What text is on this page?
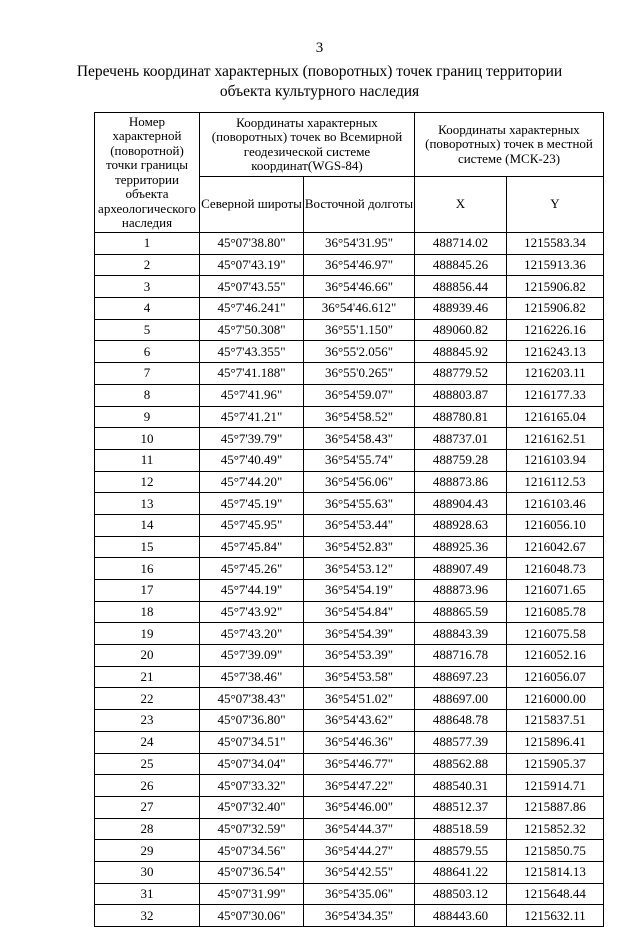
3
Перечень координат характерных (поворотных) точек границ территории объекта культурного наследия
Номер характерной (поворотной) точки границы территории объекта археологического наследия	Координаты характерных (поворотных) точек во Всемирной геодезической системе координат(WGS-84)		Координаты характерных (поворотных) точек в местной системе (МСК-23)	
	Северной широты	Восточной долготы	X	Y
1	45°07'38.80"	36°54'31.95"	488714.02	1215583.34
2	45°07'43.19"	36°54'46.97"	488845.26	1215913.36
3	45°07'43.55"	36°54'46.66"	488856.44	1215906.82
4	45°7'46.241"	36°54'46.612"	488939.46	1215906.82
5	45°7'50.308"	36°55'1.150"	489060.82	1216226.16
6	45°7'43.355"	36°55'2.056"	488845.92	1216243.13
7	45°7'41.188"	36°55'0.265"	488779.52	1216203.11
8	45°7'41.96"	36°54'59.07"	488803.87	1216177.33
9	45°7'41.21"	36°54'58.52"	488780.81	1216165.04
10	45°7'39.79"	36°54'58.43"	488737.01	1216162.51
11	45°7'40.49"	36°54'55.74"	488759.28	1216103.94
12	45°7'44.20"	36°54'56.06"	488873.86	1216112.53
13	45°7'45.19"	36°54'55.63"	488904.43	1216103.46
14	45°7'45.95"	36°54'53.44"	488928.63	1216056.10
15	45°7'45.84"	36°54'52.83"	488925.36	1216042.67
16	45°7'45.26"	36°54'53.12"	488907.49	1216048.73
17	45°7'44.19"	36°54'54.19"	488873.96	1216071.65
18	45°7'43.92"	36°54'54.84"	488865.59	1216085.78
19	45°7'43.20"	36°54'54.39"	488843.39	1216075.58
20	45°7'39.09"	36°54'53.39"	488716.78	1216052.16
21	45°7'38.46"	36°54'53.58"	488697.23	1216056.07
22	45°07'38.43"	36°54'51.02"	488697.00	1216000.00
23	45°07'36.80"	36°54'43.62"	488648.78	1215837.51
24	45°07'34.51"	36°54'46.36"	488577.39	1215896.41
25	45°07'34.04"	36°54'46.77"	488562.88	1215905.37
26	45°07'33.32"	36°54'47.22"	488540.31	1215914.71
27	45°07'32.40"	36°54'46.00"	488512.37	1215887.86
28	45°07'32.59"	36°54'44.37"	488518.59	1215852.32
29	45°07'34.56"	36°54'44.27"	488579.55	1215850.75
30	45°07'36.54"	36°54'42.55"	488641.22	1215814.13
31	45°07'31.99"	36°54'35.06"	488503.12	1215648.44
32	45°07'30.06"	36°54'34.35"	488443.60	1215632.11
